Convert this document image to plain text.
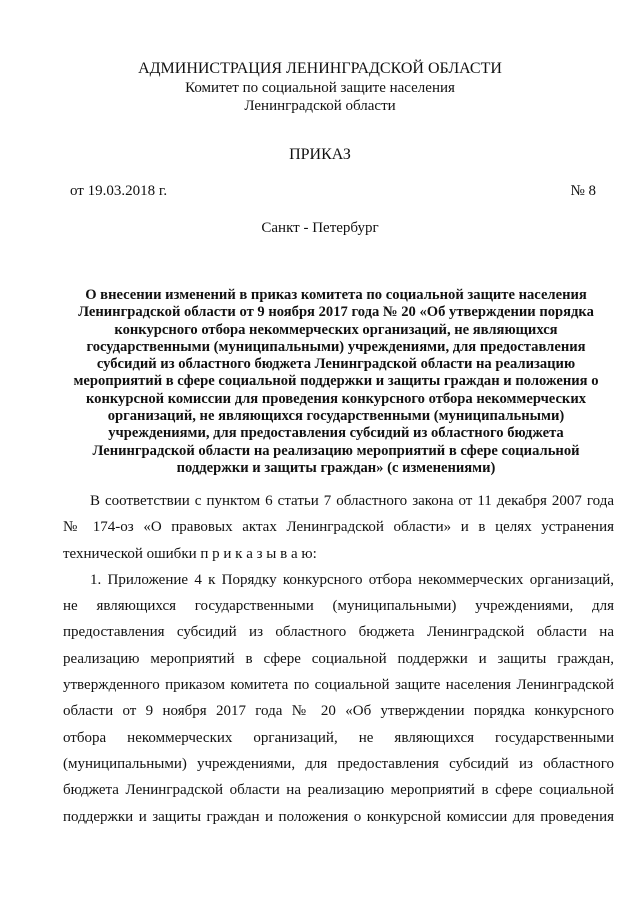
АДМИНИСТРАЦИЯ ЛЕНИНГРАДСКОЙ ОБЛАСТИ
Комитет по социальной защите населения
Ленинградской области
ПРИКАЗ
от 19.03.2018 г.	№ 8
Санкт - Петербург
О внесении изменений в приказ комитета по социальной защите населения
Ленинградской области от 9 ноября 2017 года № 20 «Об утверждении порядка
конкурсного отбора некоммерческих организаций, не являющихся
государственными (муниципальными) учреждениями, для предоставления
субсидий из областного бюджета Ленинградской области на реализацию
мероприятий в сфере социальной поддержки и защиты граждан и положения о
конкурсной комиссии для проведения конкурсного отбора некоммерческих
организаций, не являющихся государственными (муниципальными)
учреждениями, для предоставления субсидий из областного бюджета
Ленинградской области на реализацию мероприятий в сфере социальной
поддержки и защиты граждан» (с изменениями)
В соответствии с пунктом 6 статьи 7 областного закона от 11 декабря 2007 года
№ 174-оз «О правовых актах Ленинградской области» и в целях устранения
технической ошибки п р и к а з ы в а ю:
1. Приложение 4 к Порядку конкурсного отбора некоммерческих организаций,
не являющихся государственными (муниципальными) учреждениями, для
предоставления субсидий из областного бюджета Ленинградской области на
реализацию мероприятий в сфере социальной поддержки и защиты граждан,
утвержденного приказом комитета по социальной защите населения Ленинградской
области от 9 ноября 2017 года № 20 «Об утверждении порядка конкурсного
отбора некоммерческих организаций, не являющихся государственными
(муниципальными) учреждениями, для предоставления субсидий из областного
бюджета Ленинградской области на реализацию мероприятий в сфере социальной
поддержки и защиты граждан и положения о конкурсной комиссии для проведения
